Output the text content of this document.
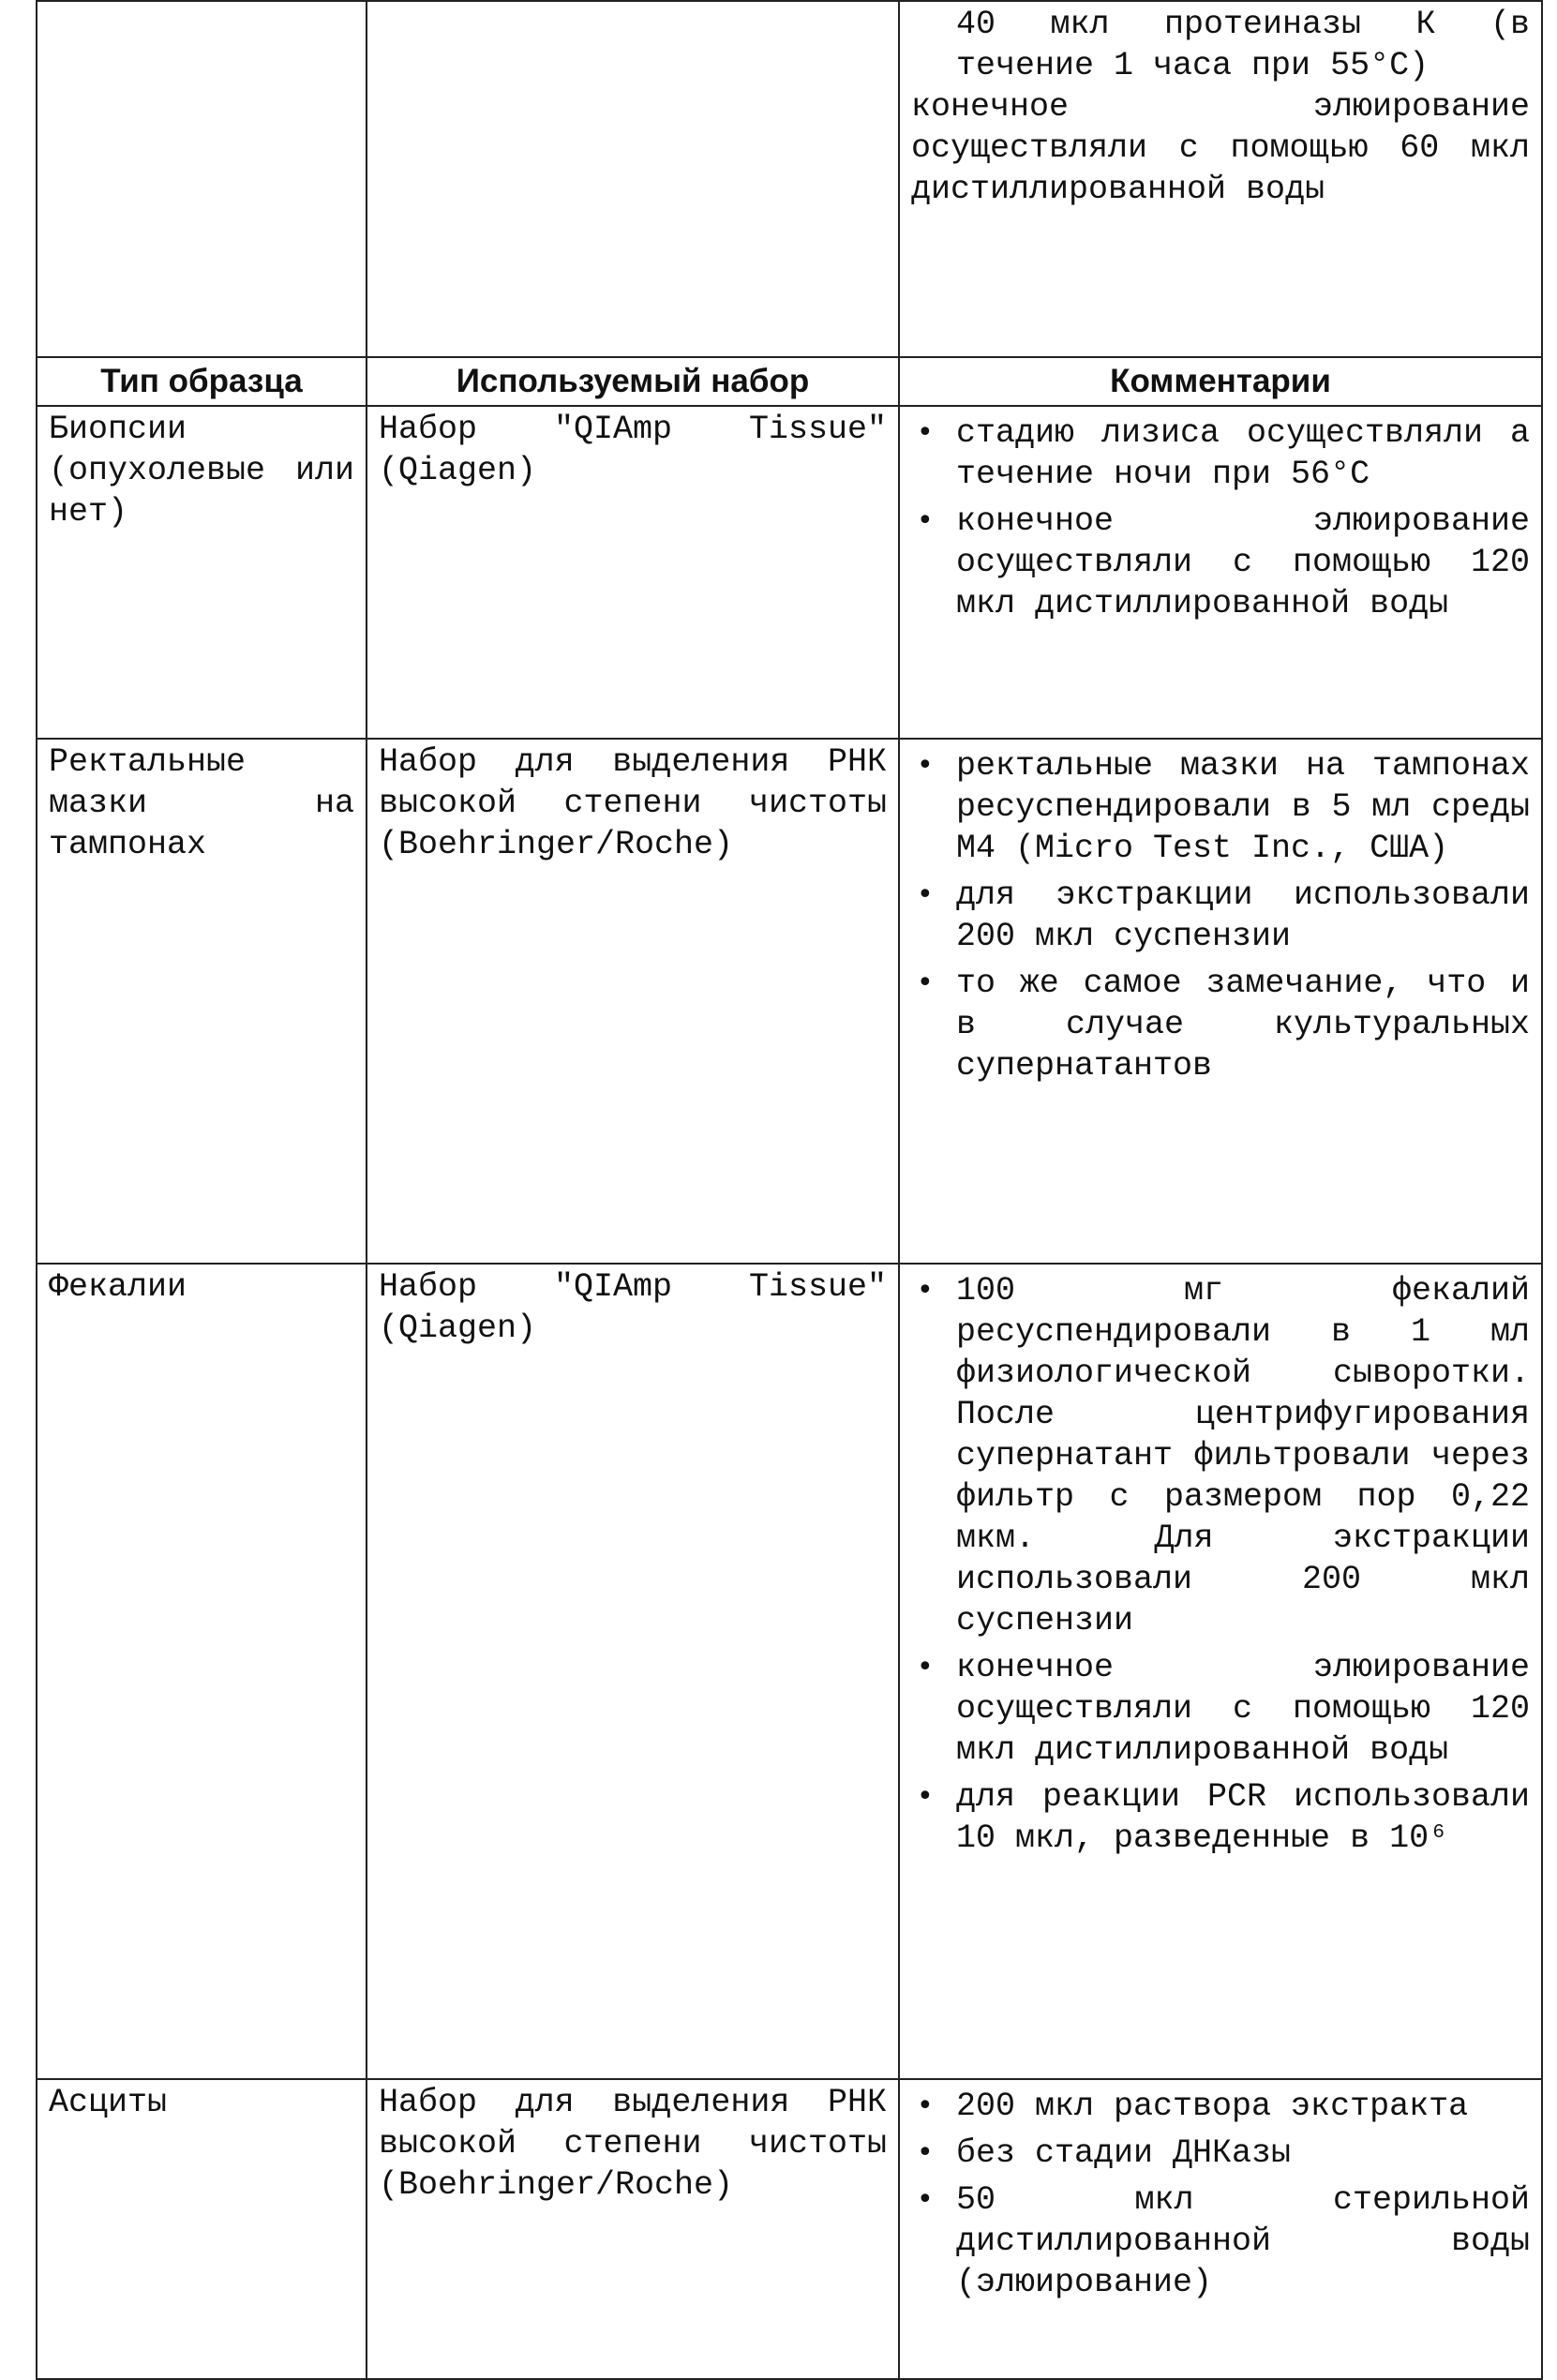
40 мкл протеиназы К (в течение 1 часа при 55°C)
конечное элюирование осуществляли с помощью 60 мкл дистиллированной воды

Тип образца	Используемый набор	Комментарии
Биопсии (опухолевые или нет)	Набор "QIAmp Tissue" (Qiagen)	
• стадию лизиса осуществляли а течение ночи при 56°C
• конечное элюирование осуществляли с помощью 120 мкл дистиллированной воды

Ректальные мазки на тампонах	Набор для выделения РНК высокой степени чистоты (Boehringer/Roche)	
• ректальные мазки на тампонах ресуспендировали в 5 мл среды М4 (Micro Test Inc., США)
• для экстракции использовали 200 мкл суспензии
• то же самое замечание, что и в случае культуральных супернатантов

Фекалии	Набор "QIAmp Tissue" (Qiagen)	
• 100 мг фекалий ресуспендировали в 1 мл физиологической сыворотки. После центрифугирования супернатант фильтровали через фильтр с размером пор 0,22 мкм. Для экстракции использовали 200 мкл суспензии
• конечное элюирование осуществляли с помощью 120 мкл дистиллированной воды
• для реакции PCR использовали 10 мкл, разведенные в 10⁶

Асциты	Набор для выделения РНК высокой степени чистоты (Boehringer/Roche)	
• 200 мкл раствора экстракта
• без стадии ДНКазы
• 50 мкл стерильной дистиллированной воды (элюирование)
